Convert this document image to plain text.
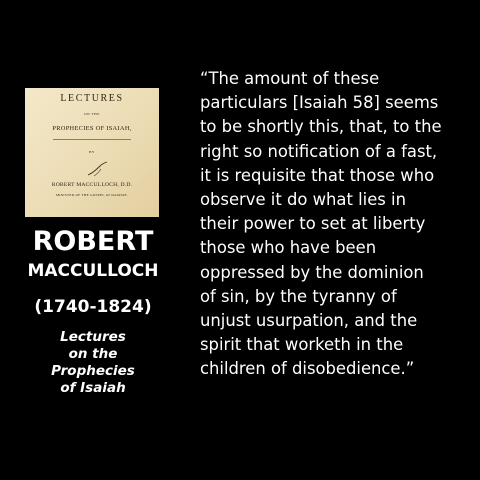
LECTURES
ON THE
PROPHECIES OF ISAIAH,
BY
ROBERT MACCULLOCH, D.D.
MINISTER OF THE GOSPEL AT DAIRSIE.
ROBERT
MACCULLOCH
(1740-1824)
Lectures
on the
Prophecies
of Isaiah
“The amount of these
particulars [Isaiah 58] seems
to be shortly this, that, to the
right so notification of a fast,
it is requisite that those who
observe it do what lies in
their power to set at liberty
those who have been
oppressed by the dominion
of sin, by the tyranny of
unjust usurpation, and the
spirit that worketh in the
children of disobedience.”
